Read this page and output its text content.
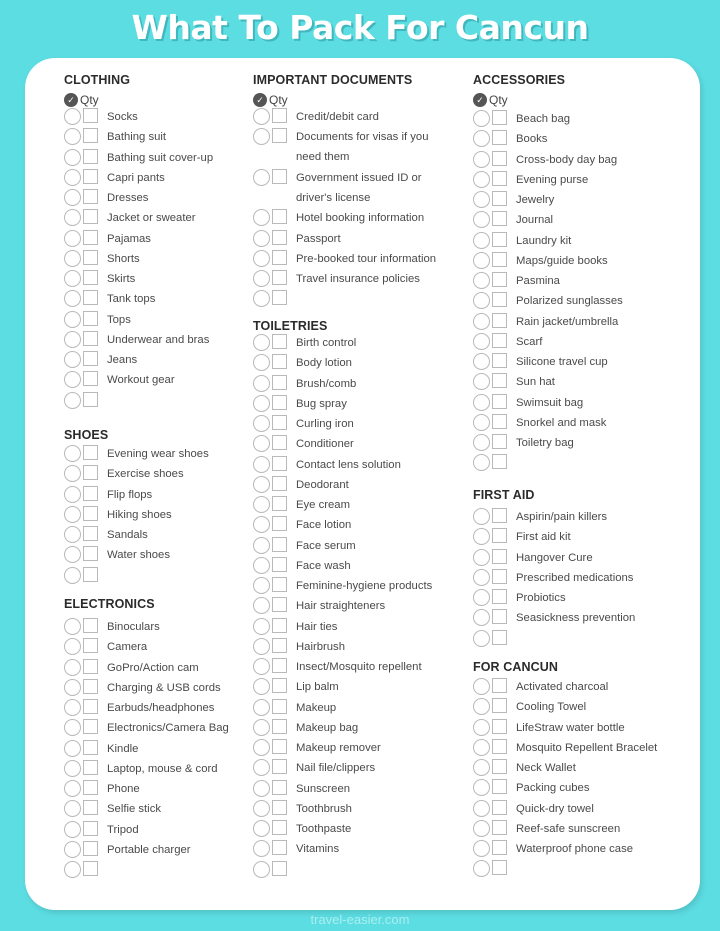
What To Pack For Cancun
CLOTHING
✓ Qty
Socks
Bathing suit
Bathing suit cover-up
Capri pants
Dresses
Jacket or sweater
Pajamas
Shorts
Skirts
Tank tops
Tops
Underwear and bras
Jeans
Workout gear
SHOES
Evening wear shoes
Exercise shoes
Flip flops
Hiking shoes
Sandals
Water shoes
ELECTRONICS
Binoculars
Camera
GoPro/Action cam
Charging & USB cords
Earbuds/headphones
Electronics/Camera Bag
Kindle
Laptop, mouse & cord
Phone
Selfie stick
Tripod
Portable charger
IMPORTANT DOCUMENTS
✓ Qty
Credit/debit card
Documents for visas if you need them
Government issued ID or driver's license
Hotel booking information
Passport
Pre-booked tour information
Travel insurance policies
TOILETRIES
Birth control
Body lotion
Brush/comb
Bug spray
Curling iron
Conditioner
Contact lens solution
Deodorant
Eye cream
Face lotion
Face serum
Face wash
Feminine-hygiene products
Hair straighteners
Hair ties
Hairbrush
Insect/Mosquito repellent
Lip balm
Makeup
Makeup bag
Makeup remover
Nail file/clippers
Sunscreen
Toothbrush
Toothpaste
Vitamins
ACCESSORIES
✓ Qty
Beach bag
Books
Cross-body day bag
Evening purse
Jewelry
Journal
Laundry kit
Maps/guide books
Pasmina
Polarized sunglasses
Rain jacket/umbrella
Scarf
Silicone travel cup
Sun hat
Swimsuit bag
Snorkel and mask
Toiletry bag
FIRST AID
Aspirin/pain killers
First aid kit
Hangover Cure
Prescribed medications
Probiotics
Seasickness prevention
FOR CANCUN
Activated charcoal
Cooling Towel
LifeStraw water bottle
Mosquito Repellent Bracelet
Neck Wallet
Packing cubes
Quick-dry towel
Reef-safe sunscreen
Waterproof phone case
travel-easier.com
